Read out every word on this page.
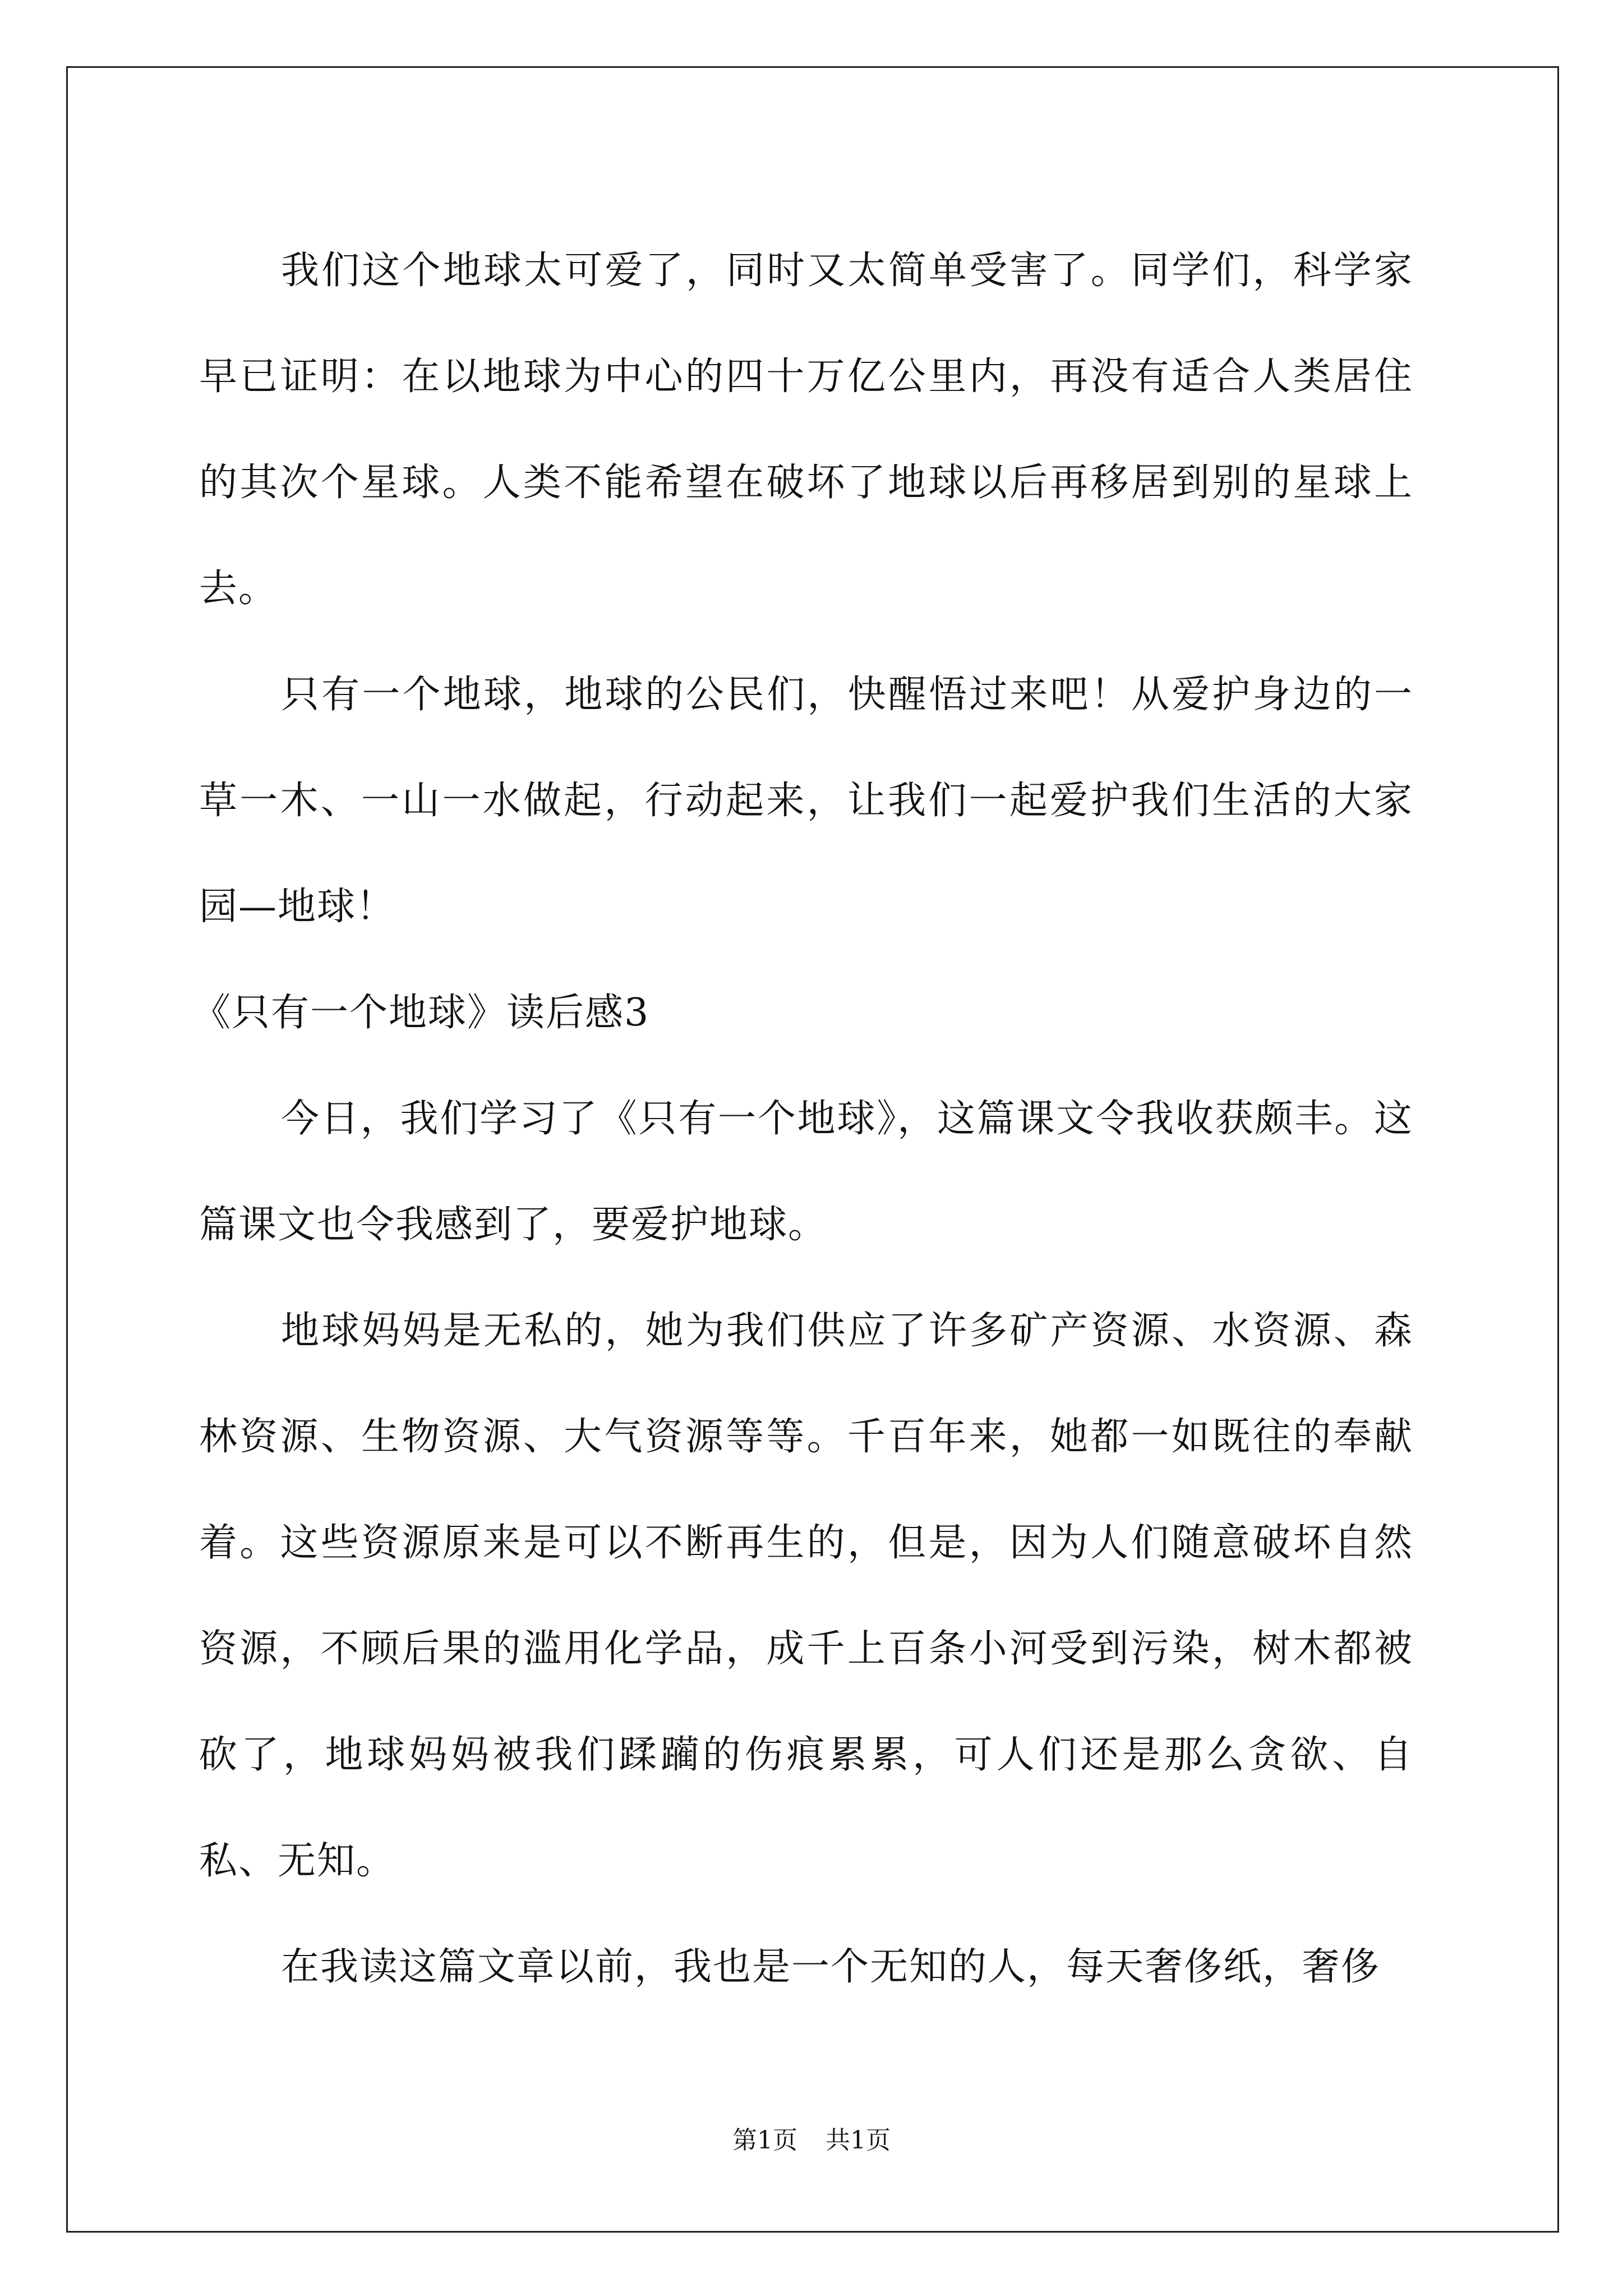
我们这个地球太可爱了，同时又太简单受害了。同学们，科学家早已证明：在以地球为中心的四十万亿公里内，再没有适合人类居住的其次个星球。人类不能希望在破坏了地球以后再移居到别的星球上去。

只有一个地球，地球的公民们，快醒悟过来吧！从爱护身边的一草一木、一山一水做起，行动起来，让我们一起爱护我们生活的大家园—地球！

《只有一个地球》读后感3

今日，我们学习了《只有一个地球》，这篇课文令我收获颇丰。这篇课文也令我感到了，要爱护地球。

地球妈妈是无私的，她为我们供应了许多矿产资源、水资源、森林资源、生物资源、大气资源等等。千百年来，她都一如既往的奉献着。这些资源原来是可以不断再生的，但是，因为人们随意破坏自然资源，不顾后果的滥用化学品，成千上百条小河受到污染，树木都被砍了，地球妈妈被我们蹂躏的伤痕累累，可人们还是那么贪欲、自私、无知。

在我读这篇文章以前，我也是一个无知的人，每天奢侈纸，奢侈

第1页 共1页
